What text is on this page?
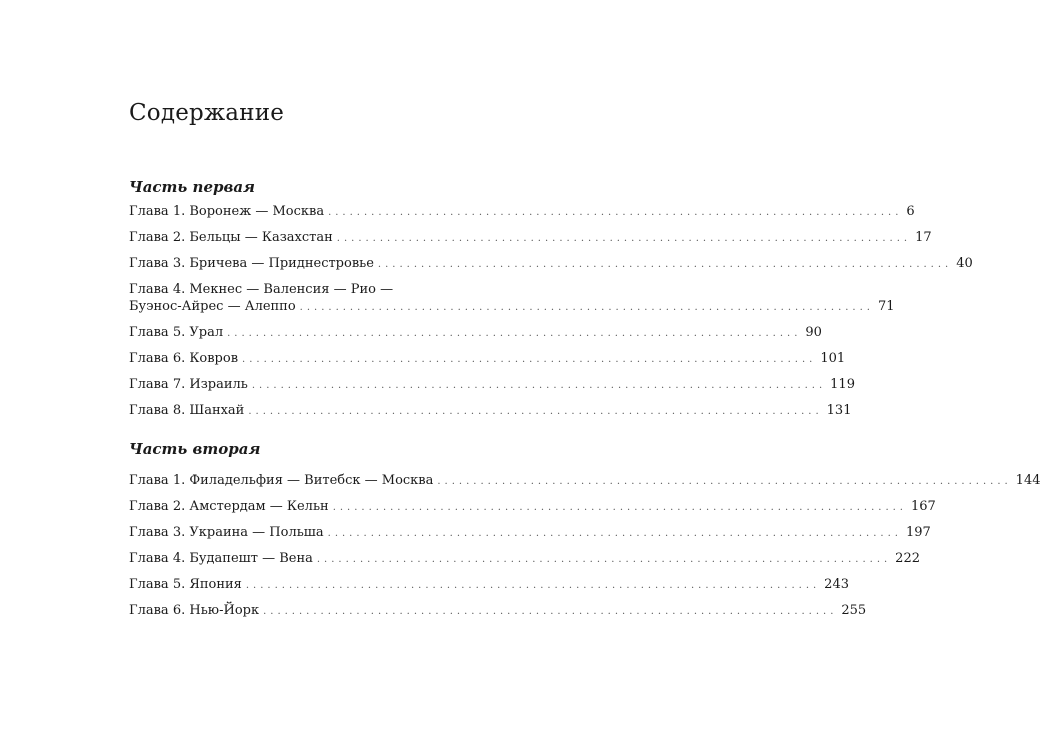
Содержание
Часть первая
Глава 1. Воронеж — Москва ................................................................................ 6
Глава 2. Бельцы — Казахстан ................................................................................ 17
Глава 3. Бричева — Приднестровье ................................................................................ 40
Глава 4. Мекнес — Валенсия — Рио —
Буэнос-Айрес — Алеппо ................................................................................ 71
Глава 5. Урал ................................................................................ 90
Глава 6. Ковров ................................................................................ 101
Глава 7. Израиль ................................................................................ 119
Глава 8. Шанхай ................................................................................ 131
Часть вторая
Глава 1. Филадельфия — Витебск — Москва ................................................................................ 144
Глава 2. Амстердам — Кельн ................................................................................ 167
Глава 3. Украина — Польша ................................................................................ 197
Глава 4. Будапешт — Вена ................................................................................ 222
Глава 5. Япония ................................................................................ 243
Глава 6. Нью-Йорк ................................................................................ 255
